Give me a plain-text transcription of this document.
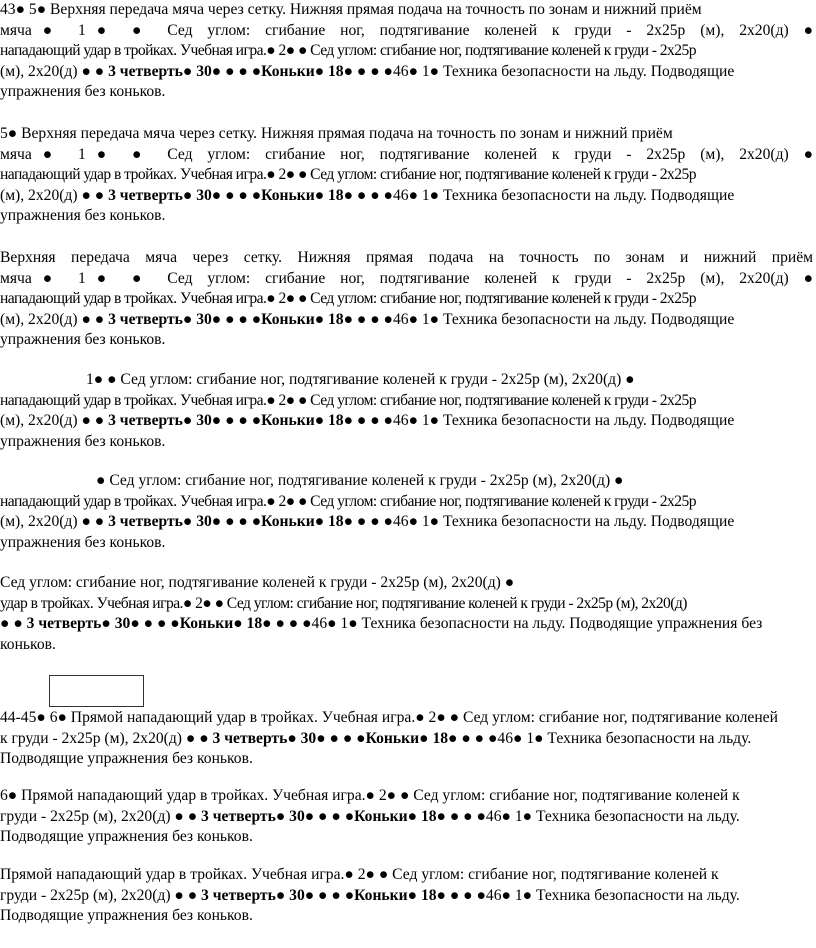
43● 5● Верхняя передача мяча через сетку. Нижняя прямая подача на точность по зонам и нижний приём
мяча● 1● ● Сед углом: сгибание ног, подтягивание коленей к груди - 2х25р (м), 2х20(д) ●
нападающий удар в тройках. Учебная игра.● 2● ● Сед углом: сгибание ног, подтягивание коленей к груди - 2х25р
(м), 2х20(д) ● ● 3 четверть● 30● ● ● ●Коньки● 18● ● ● ●46● 1● Техника безопасности на льду. Подводящие
упражнения без коньков.
5● Верхняя передача мяча через сетку. Нижняя прямая подача на точность по зонам и нижний приём
мяча● 1● ● Сед углом: сгибание ног, подтягивание коленей к груди - 2х25р (м), 2х20(д) ●
нападающий удар в тройках. Учебная игра.● 2● ● Сед углом: сгибание ног, подтягивание коленей к груди - 2х25р
(м), 2х20(д) ● ● 3 четверть● 30● ● ● ●Коньки● 18● ● ● ●46● 1● Техника безопасности на льду. Подводящие
упражнения без коньков.
Верхняя передача мяча через сетку. Нижняя прямая подача на точность по зонам и нижний приём
мяча● 1● ● Сед углом: сгибание ног, подтягивание коленей к груди - 2х25р (м), 2х20(д) ●
нападающий удар в тройках. Учебная игра.● 2● ● Сед углом: сгибание ног, подтягивание коленей к груди - 2х25р
(м), 2х20(д) ● ● 3 четверть● 30● ● ● ●Коньки● 18● ● ● ●46● 1● Техника безопасности на льду. Подводящие
упражнения без коньков.
1● ● Сед углом: сгибание ног, подтягивание коленей к груди - 2х25р (м), 2х20(д) ●
нападающий удар в тройках. Учебная игра.● 2● ● Сед углом: сгибание ног, подтягивание коленей к груди - 2х25р
(м), 2х20(д) ● ● 3 четверть● 30● ● ● ●Коньки● 18● ● ● ●46● 1● Техника безопасности на льду. Подводящие
упражнения без коньков.
● Сед углом: сгибание ног, подтягивание коленей к груди - 2х25р (м), 2х20(д) ●
нападающий удар в тройках. Учебная игра.● 2● ● Сед углом: сгибание ног, подтягивание коленей к груди - 2х25р
(м), 2х20(д) ● ● 3 четверть● 30● ● ● ●Коньки● 18● ● ● ●46● 1● Техника безопасности на льду. Подводящие
упражнения без коньков.
Сед углом: сгибание ног, подтягивание коленей к груди - 2х25р (м), 2х20(д) ●
удар в тройках. Учебная игра.● 2● ● Сед углом: сгибание ног, подтягивание коленей к груди - 2х25р (м), 2х20(д)
● ● 3 четверть● 30● ● ● ●Коньки● 18● ● ● ●46● 1● Техника безопасности на льду. Подводящие упражнения без
коньков.
44-45● 6● Прямой нападающий удар в тройках. Учебная игра.● 2● ● Сед углом: сгибание ног, подтягивание коленей
к груди - 2х25р (м), 2х20(д) ● ● 3 четверть● 30● ● ● ●Коньки● 18● ● ● ●46● 1● Техника безопасности на льду.
Подводящие упражнения без коньков.
6● Прямой нападающий удар в тройках. Учебная игра.● 2● ● Сед углом: сгибание ног, подтягивание коленей к
груди - 2х25р (м), 2х20(д) ● ● 3 четверть● 30● ● ● ●Коньки● 18● ● ● ●46● 1● Техника безопасности на льду.
Подводящие упражнения без коньков.
Прямой нападающий удар в тройках. Учебная игра.● 2● ● Сед углом: сгибание ног, подтягивание коленей к
груди - 2х25р (м), 2х20(д) ● ● 3 четверть● 30● ● ● ●Коньки● 18● ● ● ●46● 1● Техника безопасности на льду.
Подводящие упражнения без коньков.
